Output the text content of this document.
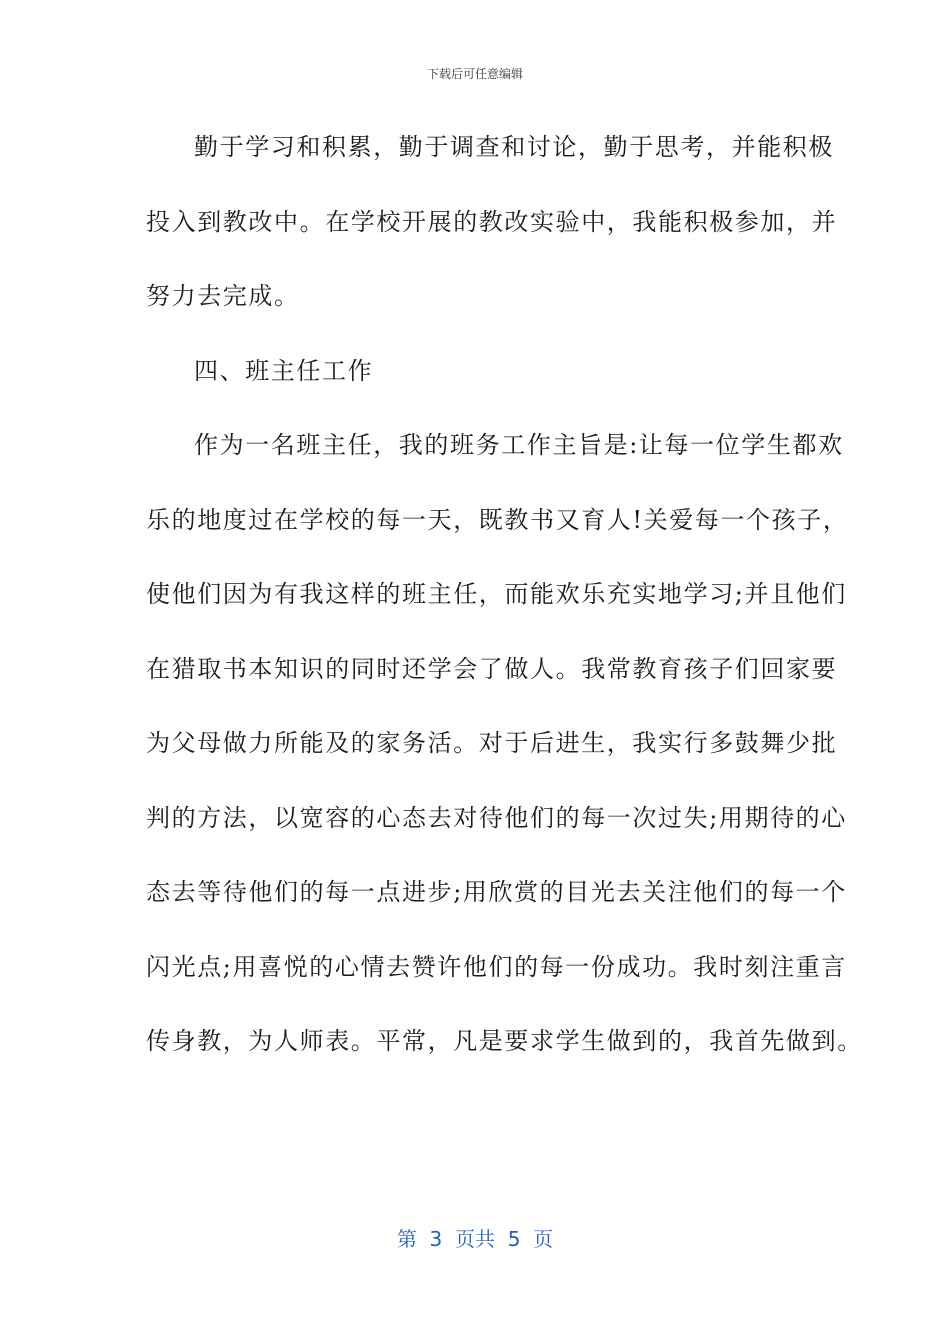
下载后可任意编辑
勤于学习和积累，勤于调查和讨论，勤于思考，并能积极
投入到教改中。在学校开展的教改实验中，我能积极参加，并
努力去完成。
四、班主任工作
作为一名班主任，我的班务工作主旨是:让每一位学生都欢
乐的地度过在学校的每一天，既教书又育人!关爱每一个孩子，
使他们因为有我这样的班主任，而能欢乐充实地学习;并且他们
在猎取书本知识的同时还学会了做人。我常教育孩子们回家要
为父母做力所能及的家务活。对于后进生，我实行多鼓舞少批
判的方法，以宽容的心态去对待他们的每一次过失;用期待的心
态去等待他们的每一点进步;用欣赏的目光去关注他们的每一个
闪光点;用喜悦的心情去赞许他们的每一份成功。我时刻注重言
传身教，为人师表。平常，凡是要求学生做到的，我首先做到。
第  3  页共  5  页
